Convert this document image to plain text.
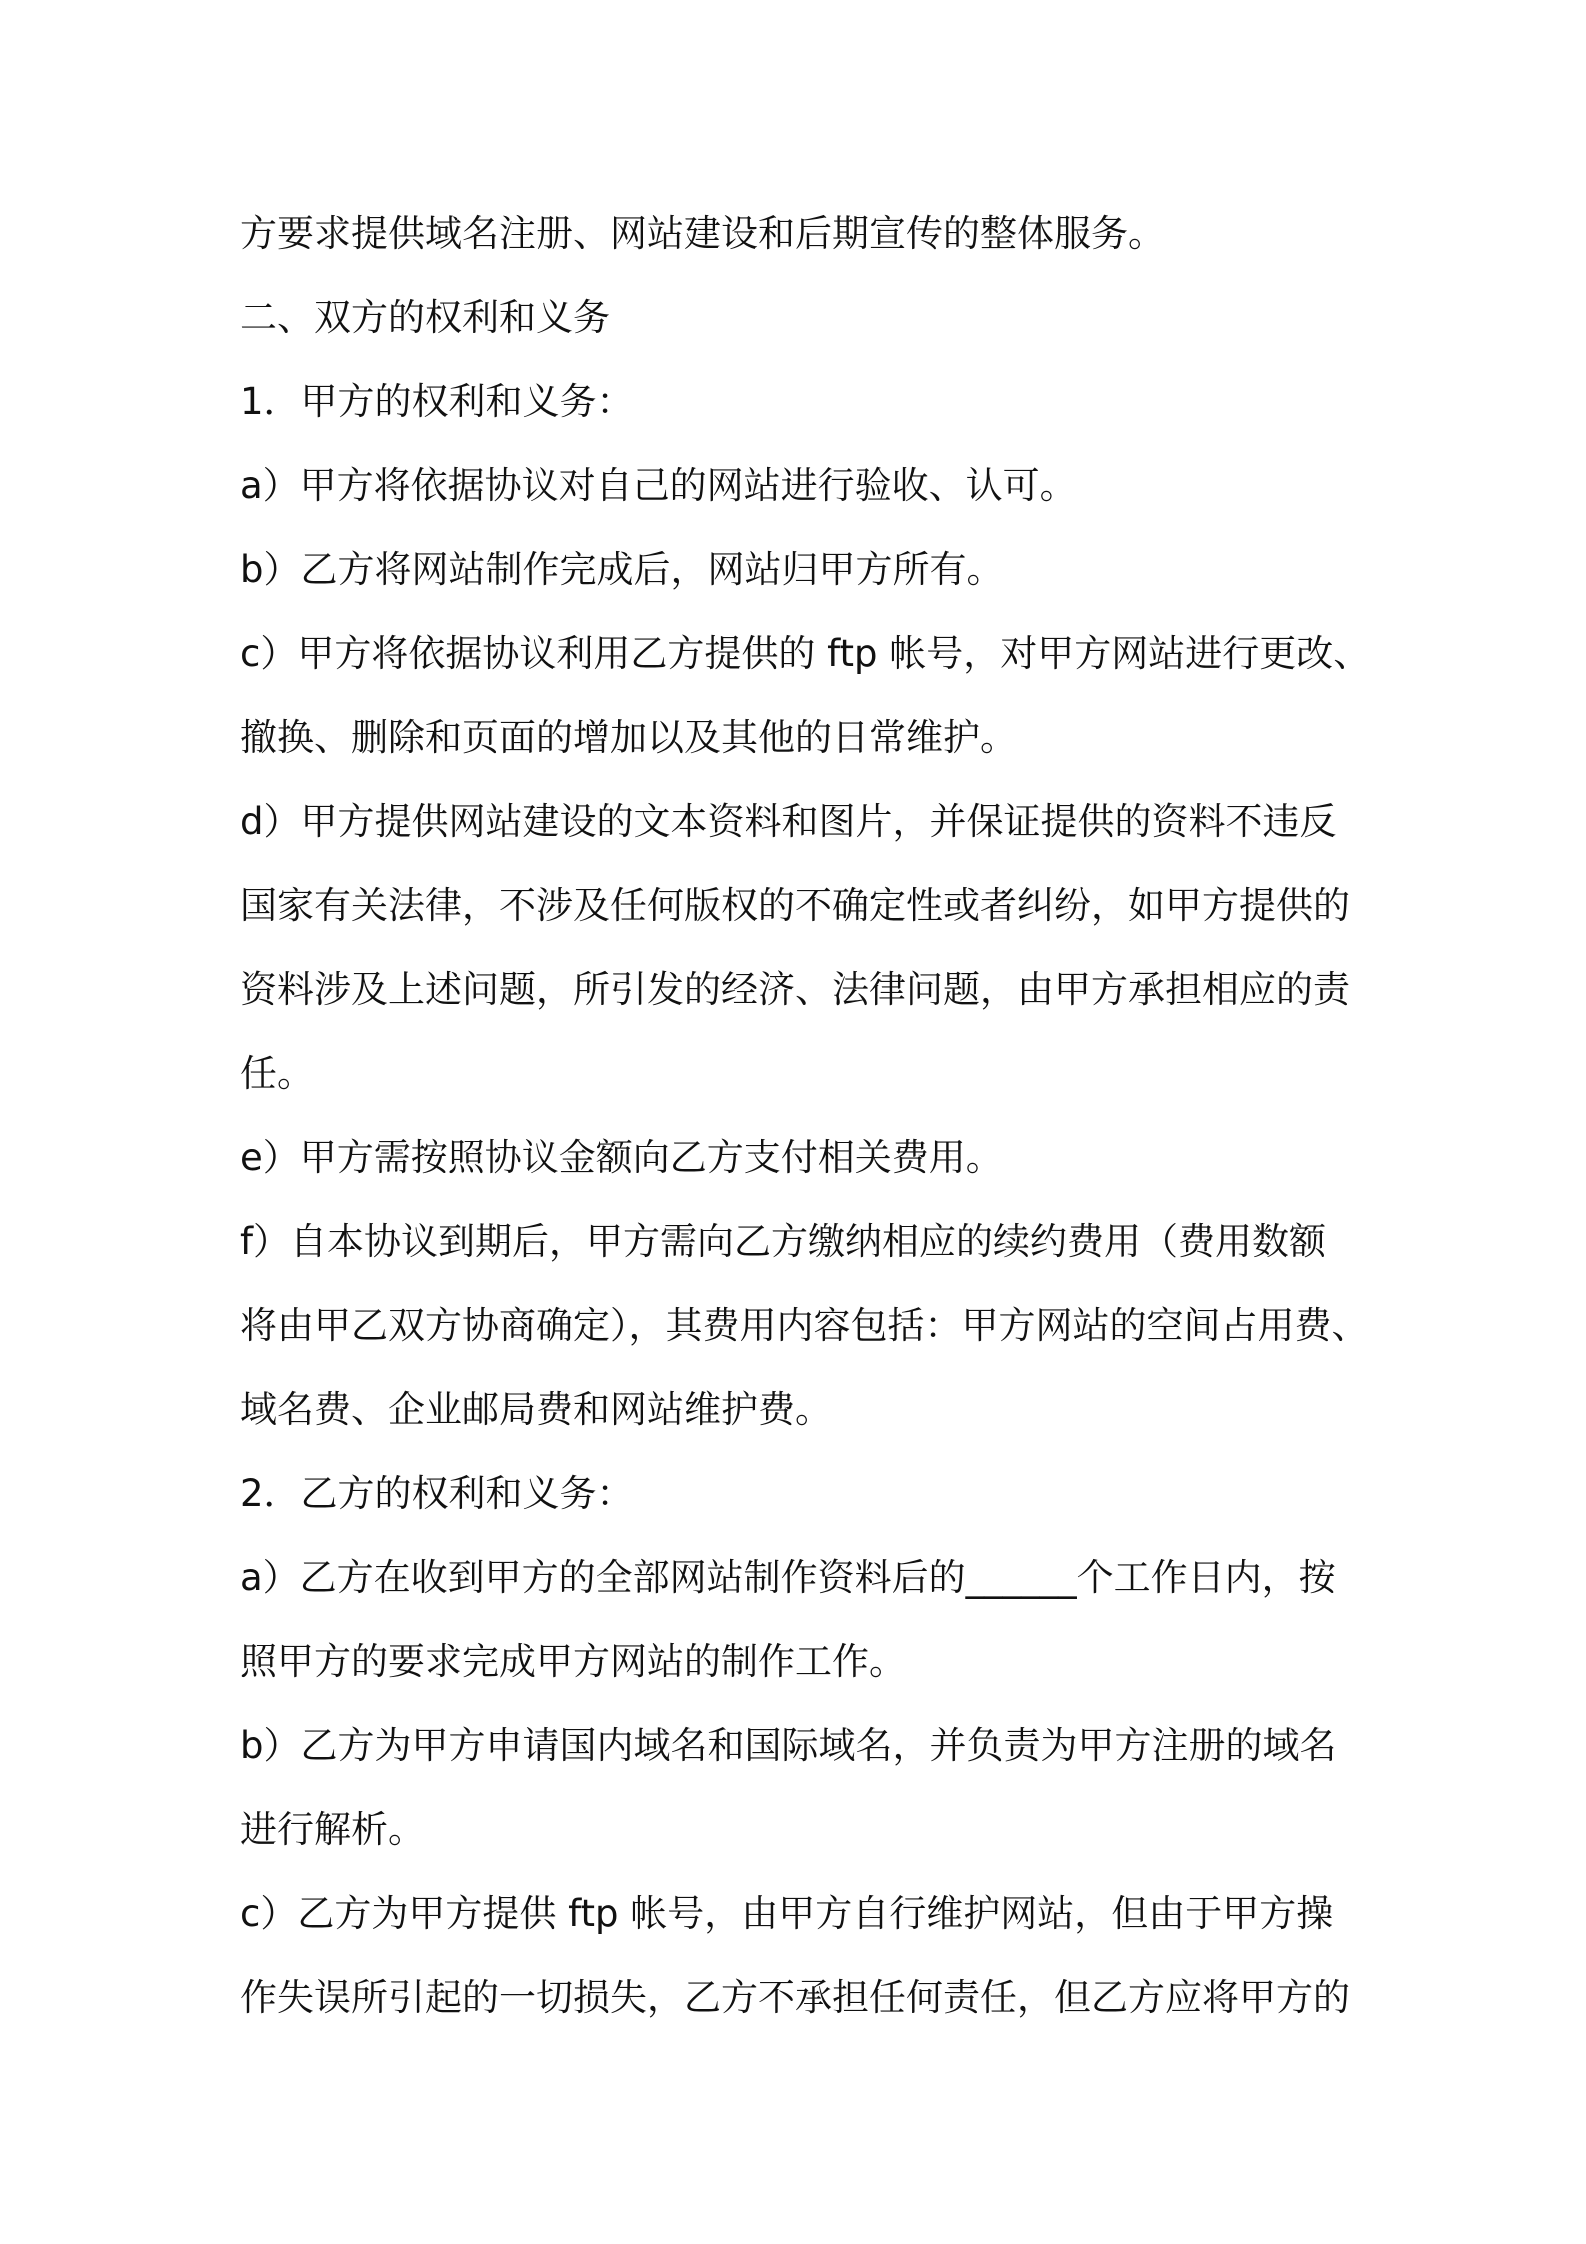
方要求提供域名注册、网站建设和后期宣传的整体服务。
二、双方的权利和义务
1．甲方的权利和义务：
a）甲方将依据协议对自己的网站进行验收、认可。
b）乙方将网站制作完成后，网站归甲方所有。
c）甲方将依据协议利用乙方提供的 ftp 帐号，对甲方网站进行更改、
撤换、删除和页面的增加以及其他的日常维护。
d）甲方提供网站建设的文本资料和图片，并保证提供的资料不违反
国家有关法律，不涉及任何版权的不确定性或者纠纷，如甲方提供的
资料涉及上述问题，所引发的经济、法律问题，由甲方承担相应的责
任。
e）甲方需按照协议金额向乙方支付相关费用。
f）自本协议到期后，甲方需向乙方缴纳相应的续约费用（费用数额
将由甲乙双方协商确定），其费用内容包括：甲方网站的空间占用费、
域名费、企业邮局费和网站维护费。
2．乙方的权利和义务：
a）乙方在收到甲方的全部网站制作资料后的______个工作日内，按
照甲方的要求完成甲方网站的制作工作。
b）乙方为甲方申请国内域名和国际域名，并负责为甲方注册的域名
进行解析。
c）乙方为甲方提供 ftp 帐号，由甲方自行维护网站，但由于甲方操
作失误所引起的一切损失，乙方不承担任何责任，但乙方应将甲方的
